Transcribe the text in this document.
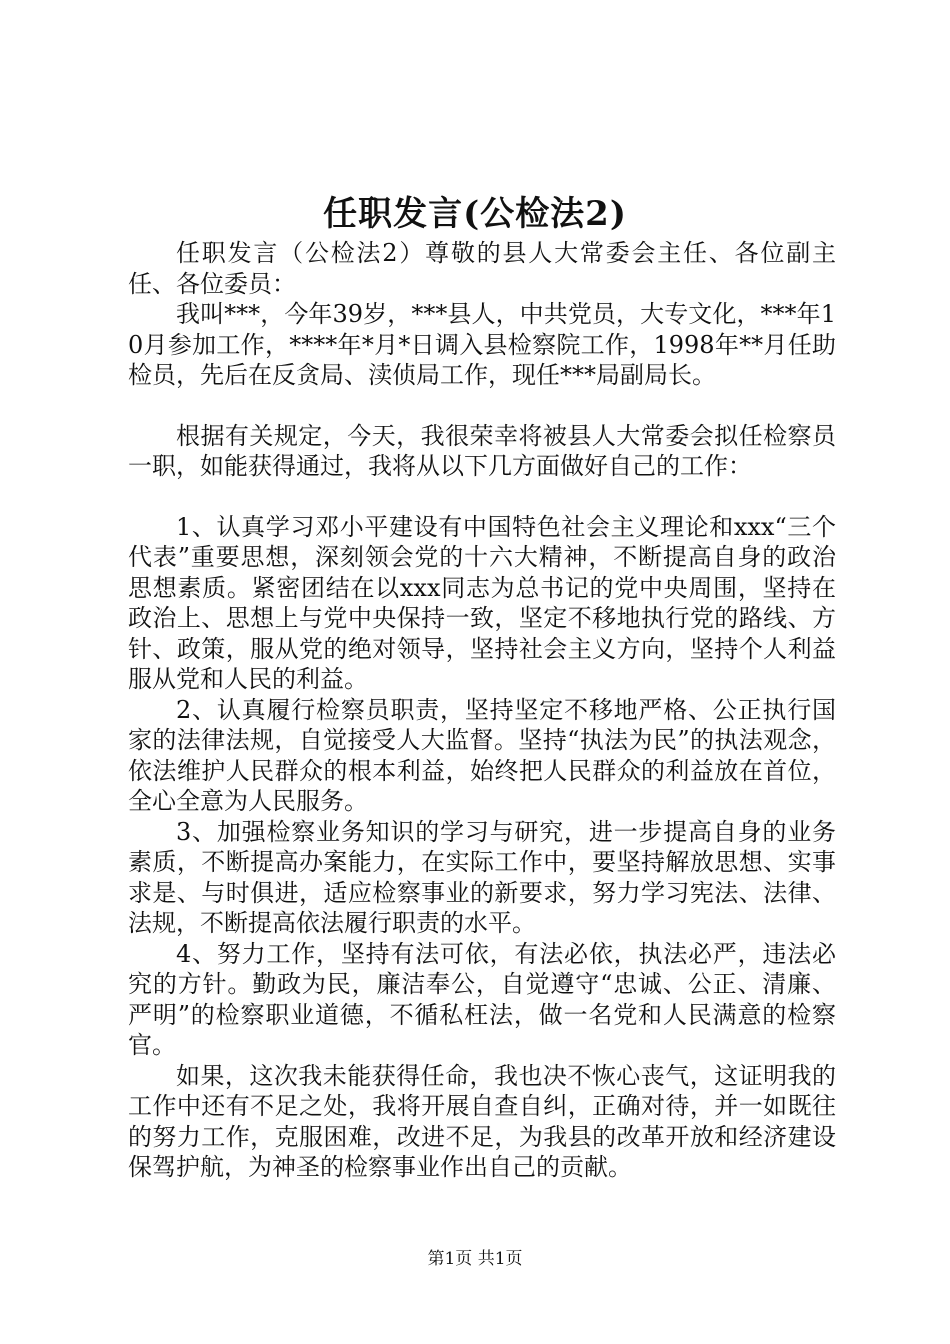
任职发言(公检法2)

任职发言（公检法2）尊敬的县人大常委会主任、各位副主任、各位委员：

我叫***，今年39岁，***县人，中共党员，大专文化，***年10月参加工作，****年*月*日调入县检察院工作，1998年**月任助检员，先后在反贪局、渎侦局工作，现任***局副局长。

根据有关规定，今天，我很荣幸将被县人大常委会拟任检察员一职，如能获得通过，我将从以下几方面做好自己的工作：

1、认真学习邓小平建设有中国特色社会主义理论和xxx“三个代表”重要思想，深刻领会党的十六大精神，不断提高自身的政治思想素质。紧密团结在以xxx同志为总书记的党中央周围，坚持在政治上、思想上与党中央保持一致，坚定不移地执行党的路线、方针、政策，服从党的绝对领导，坚持社会主义方向，坚持个人利益服从党和人民的利益。

2、认真履行检察员职责，坚持坚定不移地严格、公正执行国家的法律法规，自觉接受人大监督。坚持“执法为民”的执法观念，依法维护人民群众的根本利益，始终把人民群众的利益放在首位，全心全意为人民服务。

3、加强检察业务知识的学习与研究，进一步提高自身的业务素质，不断提高办案能力，在实际工作中，要坚持解放思想、实事求是、与时俱进，适应检察事业的新要求，努力学习宪法、法律、法规，不断提高依法履行职责的水平。

4、努力工作，坚持有法可依，有法必依，执法必严，违法必究的方针。勤政为民，廉洁奉公，自觉遵守“忠诚、公正、清廉、严明”的检察职业道德，不循私枉法，做一名党和人民满意的检察官。

如果，这次我未能获得任命，我也决不恢心丧气，这证明我的工作中还有不足之处，我将开展自查自纠，正确对待，并一如既往的努力工作，克服困难，改进不足，为我县的改革开放和经济建设保驾护航，为神圣的检察事业作出自己的贡献。

第1页 共1页
